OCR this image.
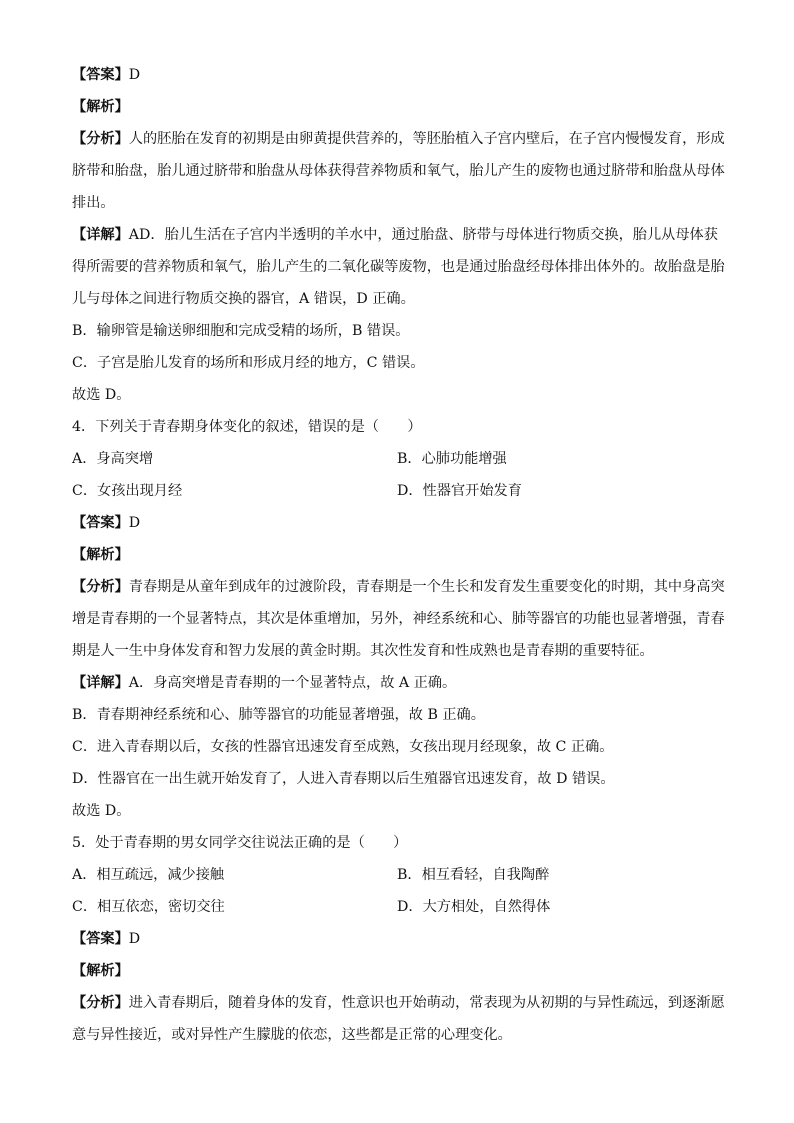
【答案】D
【解析】
【分析】人的胚胎在发育的初期是由卵黄提供营养的，等胚胎植入子宫内壁后，在子宫内慢慢发育，形成
脐带和胎盘，胎儿通过脐带和胎盘从母体获得营养物质和氧气，胎儿产生的废物也通过脐带和胎盘从母体
排出。
【详解】AD．胎儿生活在子宫内半透明的羊水中，通过胎盘、脐带与母体进行物质交换，胎儿从母体获
得所需要的营养物质和氧气，胎儿产生的二氧化碳等废物，也是通过胎盘经母体排出体外的。故胎盘是胎
儿与母体之间进行物质交换的器官，A 错误，D 正确。
B．输卵管是输送卵细胞和完成受精的场所，B 错误。
C．子宫是胎儿发育的场所和形成月经的地方，C 错误。
故选 D。
4．下列关于青春期身体变化的叙述，错误的是（　　）
A．身高突增	B．心肺功能增强
C．女孩出现月经	D．性器官开始发育
【答案】D
【解析】
【分析】青春期是从童年到成年的过渡阶段，青春期是一个生长和发育发生重要变化的时期，其中身高突
增是青春期的一个显著特点，其次是体重增加，另外，神经系统和心、肺等器官的功能也显著增强，青春
期是人一生中身体发育和智力发展的黄金时期。其次性发育和性成熟也是青春期的重要特征。
【详解】A．身高突增是青春期的一个显著特点，故 A 正确。
B．青春期神经系统和心、肺等器官的功能显著增强，故 B 正确。
C．进入青春期以后，女孩的性器官迅速发育至成熟，女孩出现月经现象，故 C 正确。
D．性器官在一出生就开始发育了，人进入青春期以后生殖器官迅速发育，故 D 错误。
故选 D。
5．处于青春期的男女同学交往说法正确的是（　　）
A．相互疏远，减少接触	B．相互看轻，自我陶醉
C．相互依恋，密切交往	D．大方相处，自然得体
【答案】D
【解析】
【分析】进入青春期后，随着身体的发育，性意识也开始萌动，常表现为从初期的与异性疏远，到逐渐愿
意与异性接近，或对异性产生朦胧的依恋，这些都是正常的心理变化。
